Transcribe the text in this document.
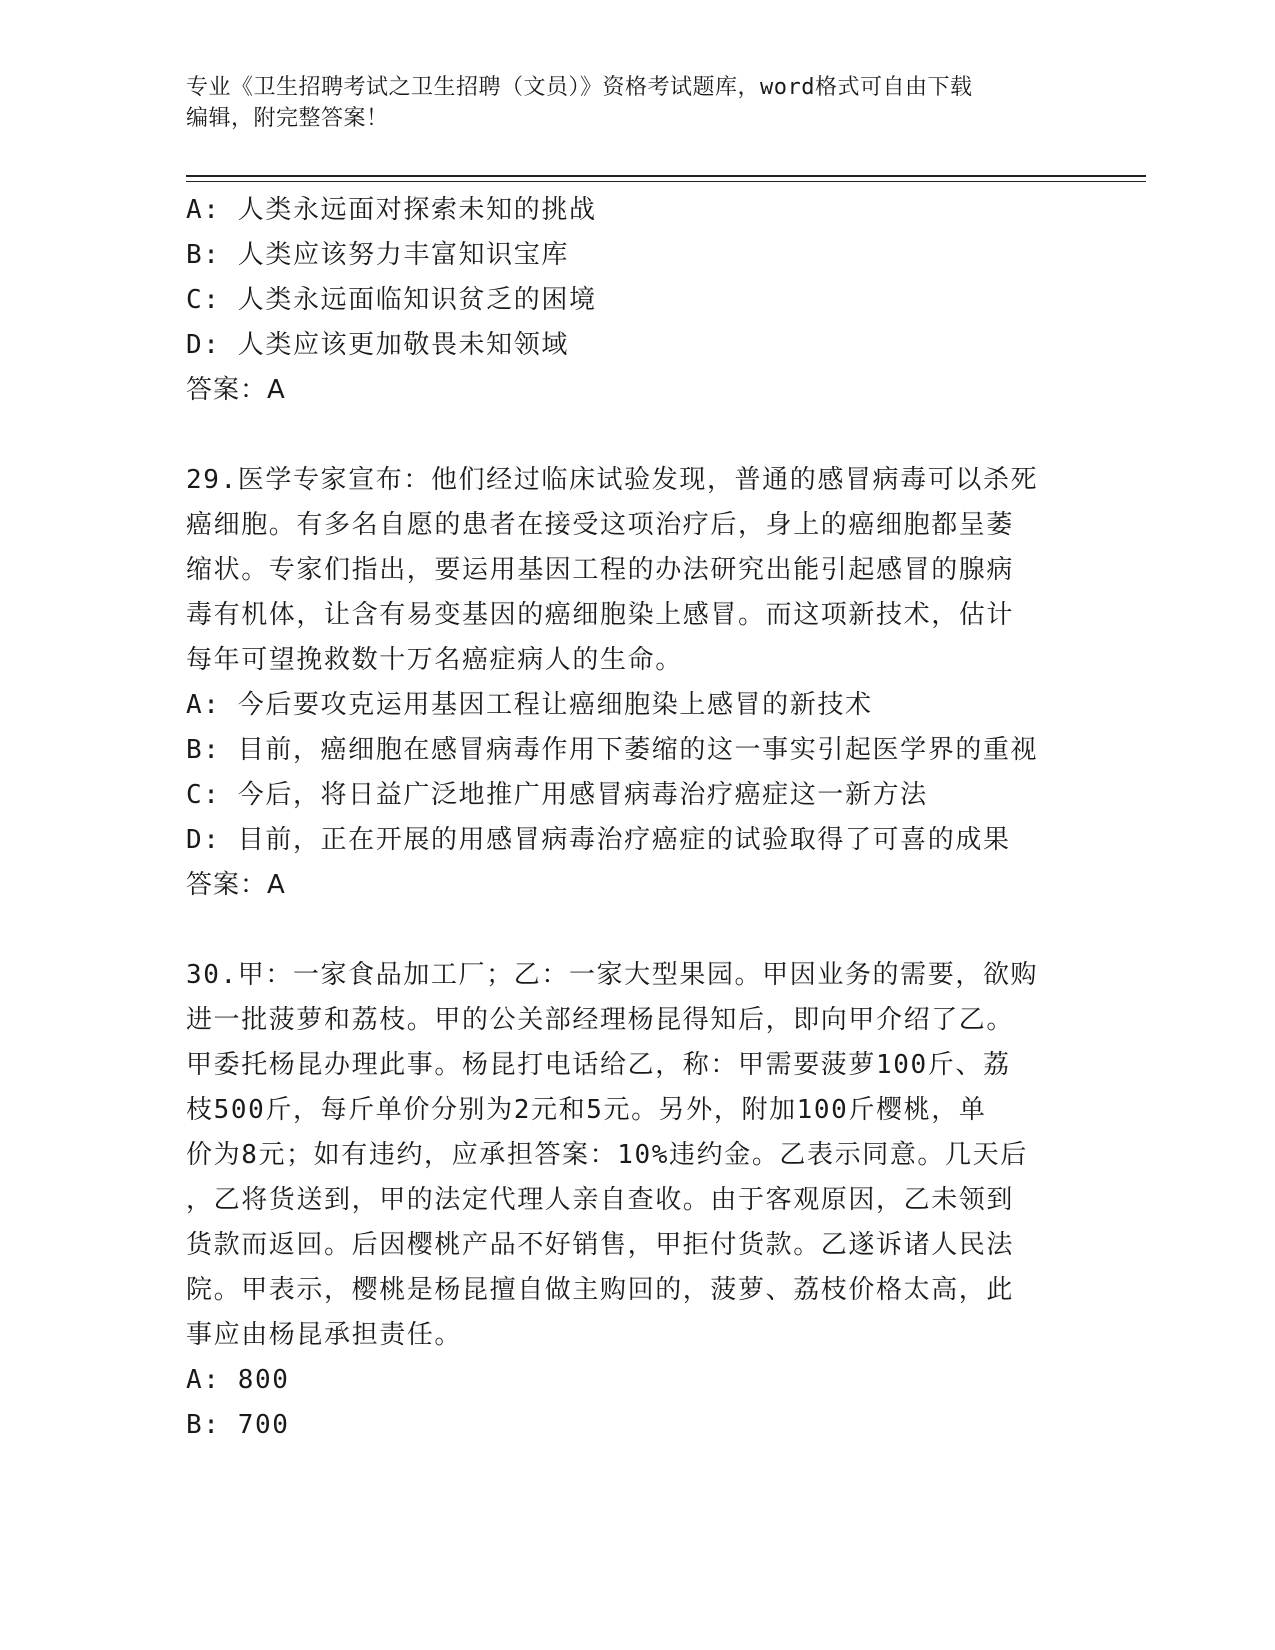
专业《卫生招聘考试之卫生招聘（文员）》资格考试题库，word格式可自由下载
编辑，附完整答案！
A: 人类永远面对探索未知的挑战
B: 人类应该努力丰富知识宝库
C: 人类永远面临知识贫乏的困境
D: 人类应该更加敬畏未知领域
答案：A
29.医学专家宣布：他们经过临床试验发现，普通的感冒病毒可以杀死
癌细胞。有多名自愿的患者在接受这项治疗后，身上的癌细胞都呈萎
缩状。专家们指出，要运用基因工程的办法研究出能引起感冒的腺病
毒有机体，让含有易变基因的癌细胞染上感冒。而这项新技术，估计
每年可望挽救数十万名癌症病人的生命。
A: 今后要攻克运用基因工程让癌细胞染上感冒的新技术
B: 目前，癌细胞在感冒病毒作用下萎缩的这一事实引起医学界的重视
C: 今后，将日益广泛地推广用感冒病毒治疗癌症这一新方法
D: 目前，正在开展的用感冒病毒治疗癌症的试验取得了可喜的成果
答案：A
30.甲：一家食品加工厂；乙：一家大型果园。甲因业务的需要，欲购
进一批菠萝和荔枝。甲的公关部经理杨昆得知后，即向甲介绍了乙。
甲委托杨昆办理此事。杨昆打电话给乙，称：甲需要菠萝100斤、荔
枝500斤，每斤单价分别为2元和5元。另外，附加100斤樱桃，单
价为8元；如有违约，应承担答案：10%违约金。乙表示同意。几天后
，乙将货送到，甲的法定代理人亲自查收。由于客观原因，乙未领到
货款而返回。后因樱桃产品不好销售，甲拒付货款。乙遂诉诸人民法
院。甲表示，樱桃是杨昆擅自做主购回的，菠萝、荔枝价格太高，此
事应由杨昆承担责任。
A: 800
B: 700
